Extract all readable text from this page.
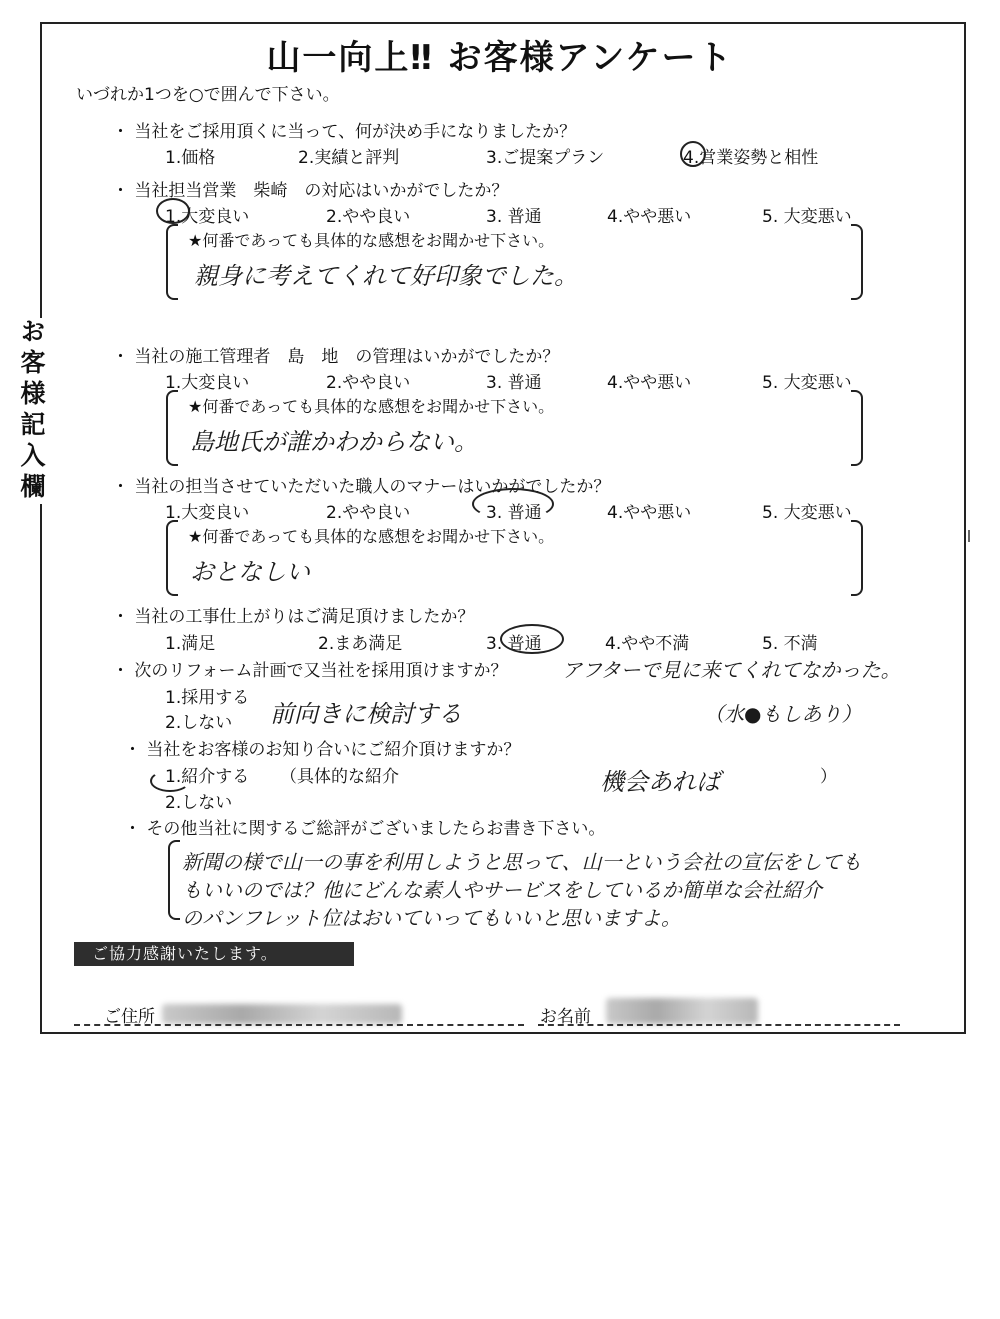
お客様記入欄
山一向上‼ お客様アンケート
いづれか1つを○で囲んで下さい。
・ 当社をご採用頂くに当って、何が決め手になりましたか？
1.価格	2.実績と評判	3.ご提案プラン	4.営業姿勢と相性
・ 当社担当営業　柴崎　の対応はいかがでしたか？
1.大変良い	2.やや良い	3. 普通	4.やや悪い	5. 大変悪い
★何番であっても具体的な感想をお聞かせ下さい。
親身に考えてくれて好印象でした。
・ 当社の施工管理者　島　地　の管理はいかがでしたか？
1.大変良い	2.やや良い	3. 普通	4.やや悪い	5. 大変悪い
★何番であっても具体的な感想をお聞かせ下さい。
島地氏が誰かわからない。
・ 当社の担当させていただいた職人のマナーはいかがでしたか？
1.大変良い	2.やや良い	3. 普通	4.やや悪い	5. 大変悪い
★何番であっても具体的な感想をお聞かせ下さい。
おとなしい
・ 当社の工事仕上がりはご満足頂けましたか？
1.満足	2.まあ満足	3. 普通	4.やや不満	5. 不満
・ 次のリフォーム計画で又当社を採用頂けますか？	アフターで見に来てくれてなかった。
（水●もしあり）
1.採用する
2.しない 前向きに検討する
・ 当社をお客様のお知り合いにご紹介頂けますか？
1.紹介する （具体的な紹介	機会あれば	）
2.しない
・ その他当社に関するご総評がございましたらお書き下さい。
新聞の様で山一の事を利用しようと思って、山一という会社の宣伝をしても
もいいのでは？他にどんな素人やサービスをしているか簡単な会社紹介
のパンフレット位はおいていってもいいと思いますよ。
ご協力感謝いたします。
ご住所	お名前
